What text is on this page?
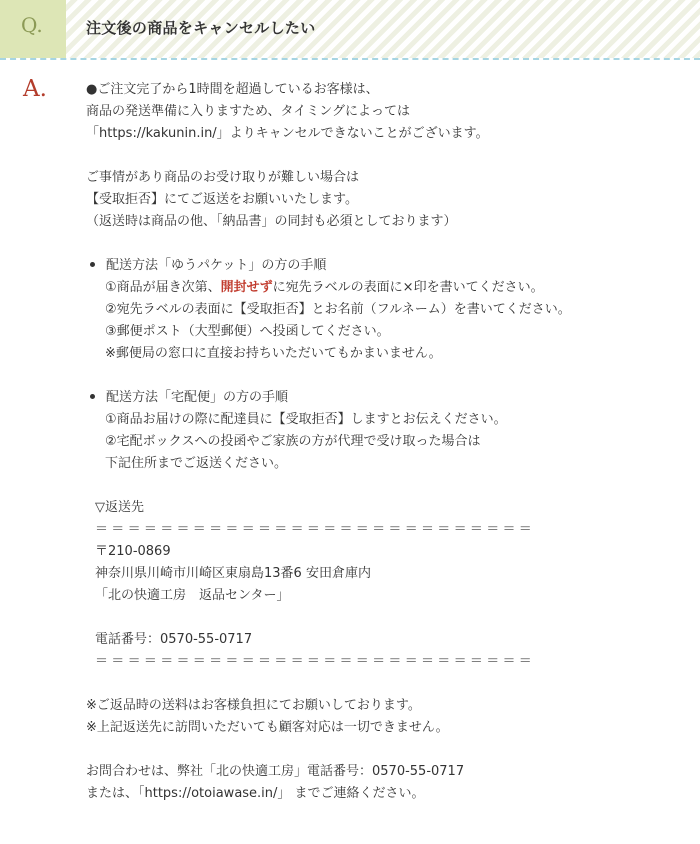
Q.	注文後の商品をキャンセルしたい
A.	●ご注文完了から1時間を超過しているお客様は、
商品の発送準備に入りますため、タイミングによっては
「https://kakunin.in/」よりキャンセルできないことがございます。
ご事情があり商品のお受け取りが難しい場合は
【受取拒否】にてご返送をお願いいたします。
（返送時は商品の他、「納品書」の同封も必須としております）
配送方法「ゆうパケット」の方の手順
①商品が届き次第、開封せずに宛先ラベルの表面に×印を書いてください。
②宛先ラベルの表面に【受取拒否】とお名前（フルネーム）を書いてください。
③郵便ポスト（大型郵便）へ投函してください。
※郵便局の窓口に直接お持ちいただいてもかまいません。
配送方法「宅配便」の方の手順
①商品お届けの際に配達員に【受取拒否】しますとお伝えください。
②宅配ボックスへの投函やご家族の方が代理で受け取った場合は
下記住所までご返送ください。
▽返送先
＝＝＝＝＝＝＝＝＝＝＝＝＝＝＝＝＝＝＝＝＝＝＝＝＝＝＝
〒210-0869
神奈川県川崎市川崎区東扇島13番6 安田倉庫内
「北の快適工房　返品センター」
電話番号：0570-55-0717
＝＝＝＝＝＝＝＝＝＝＝＝＝＝＝＝＝＝＝＝＝＝＝＝＝＝＝
※ご返品時の送料はお客様負担にてお願いしております。
※上記返送先に訪問いただいても顧客対応は一切できません。
お問合わせは、弊社「北の快適工房」電話番号：0570-55-0717
または、「https://otoiawase.in/」 までご連絡ください。
